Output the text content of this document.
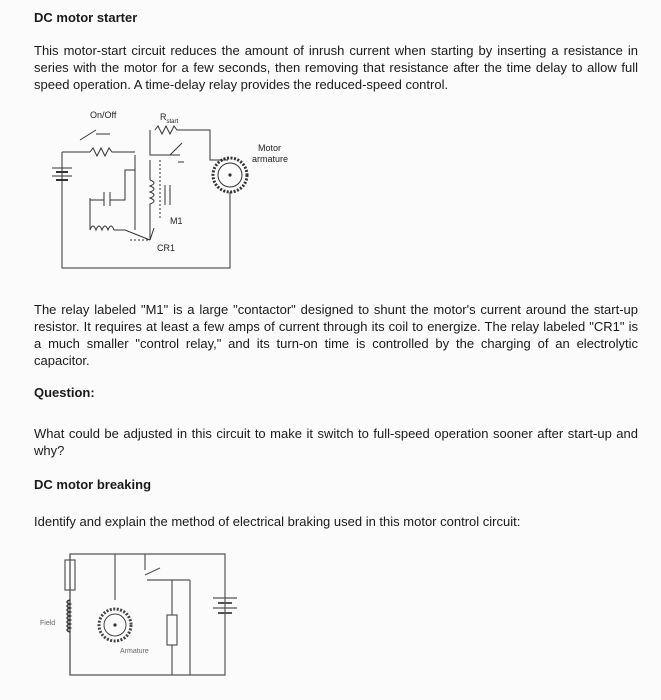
DC motor starter

This motor-start circuit reduces the amount of inrush current when starting by inserting a resistance in series with the motor for a few seconds, then removing that resistance after the time delay to allow full speed operation. A time-delay relay provides the reduced-speed control.

On/Off	$R_{start}$
Motor
armature
M1
CR1

The relay labeled "M1" is a large "contactor" designed to shunt the motor's current around the start-up resistor. It requires at least a few amps of current through its coil to energize. The relay labeled "CR1" is a much smaller "control relay," and its turn-on time is controlled by the charging of an electrolytic capacitor.

Question:

What could be adjusted in this circuit to make it switch to full-speed operation sooner after start-up and why?

DC motor breaking

Identify and explain the method of electrical braking used in this motor control circuit:

Field
Armature
